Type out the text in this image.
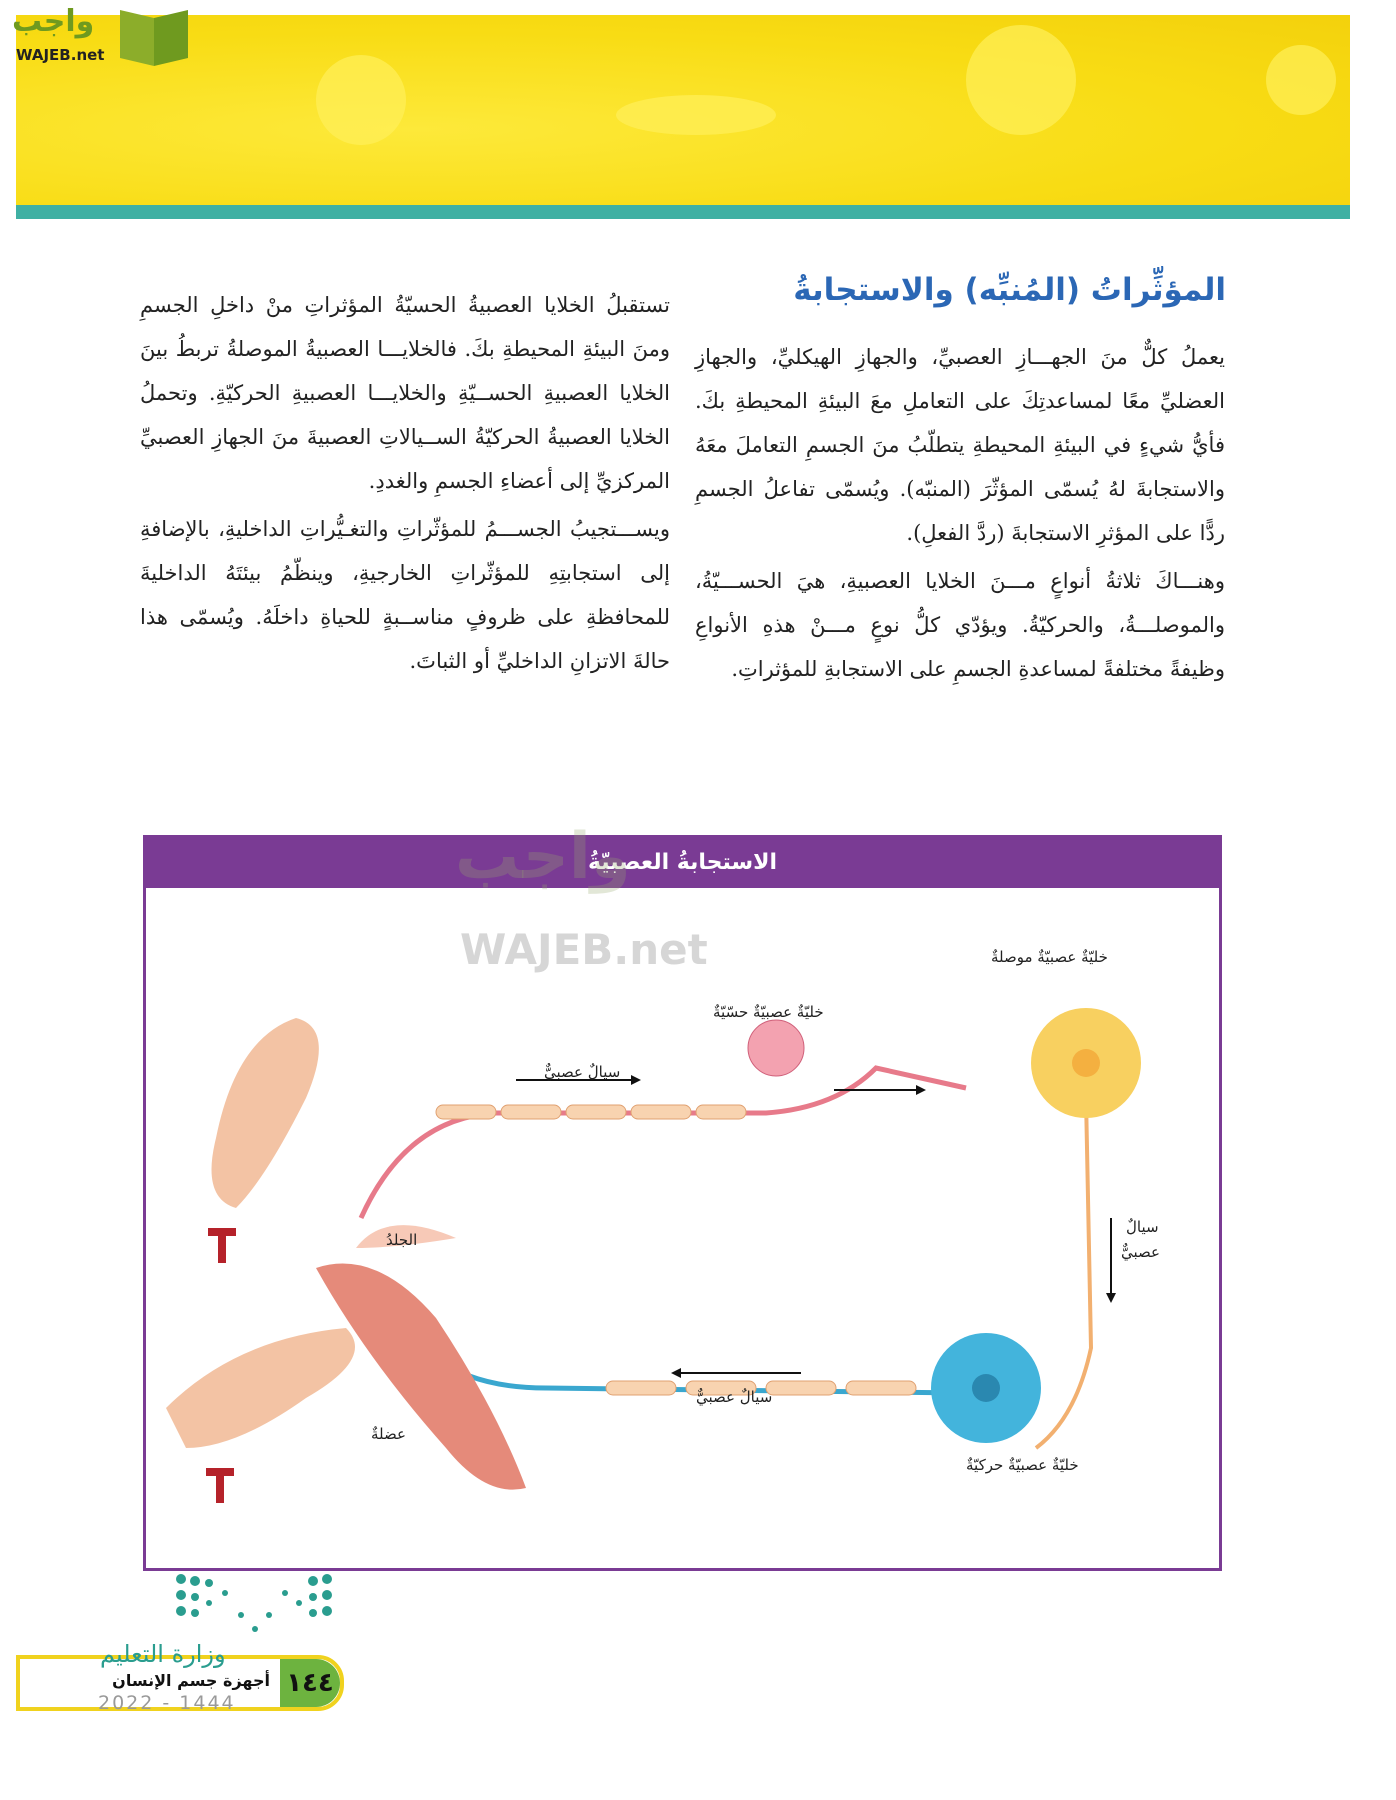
واجب
WAJEB.net
المؤثِّراتُ (المُنبِّه) والاستجابةُ

يعملُ كلٌّ منَ الجهـــازِ العصبيِّ، والجهازِ الهيكليِّ، والجهازِ العضليِّ معًا لمساعدتِكَ على التعاملِ معَ البيئةِ المحيطةِ بكَ. فأيُّ شيءٍ في البيئةِ المحيطةِ يتطلّبُ منَ الجسمِ التعاملَ معَهُ والاستجابةَ لهُ يُسمّى المؤثّرَ (المنبّه). ويُسمّى تفاعلُ الجسمِ ردًّا على المؤثرِ الاستجابةَ (ردَّ الفعلِ).

وهنـــاكَ ثلاثةُ أنواعٍ مـــنَ الخلايا العصبيةِ، هيَ الحســـيّةُ، والموصلـــةُ، والحركيّةُ. ويؤدّي كلُّ نوعٍ مـــنْ هذهِ الأنواعِ وظيفةً مختلفةً لمساعدةِ الجسمِ على الاستجابةِ للمؤثراتِ.

تستقبلُ الخلايا العصبيةُ الحسيّةُ المؤثراتِ منْ داخلِ الجسمِ ومنَ البيئةِ المحيطةِ بكَ. فالخلايـــا العصبيةُ الموصلةُ تربطُ بينَ الخلايا العصبيةِ الحســيّةِ والخلايـــا العصبيةِ الحركيّةِ. وتحملُ الخلايا العصبيةُ الحركيّةُ الســيالاتِ العصبيةَ منَ الجهازِ العصبيِّ المركزيِّ إلى أعضاءِ الجسمِ والغددِ.

ويســـتجيبُ الجســـمُ للمؤثّراتِ والتغـيُّراتِ الداخليةِ، بالإضافةِ إلى استجابتِهِ للمؤثّراتِ الخارجيةِ، وينظّمُ بيئتَهُ الداخليةَ للمحافظةِ على ظروفٍ مناســبةٍ للحياةِ داخلَهُ. ويُسمّى هذا حالةَ الاتزانِ الداخليِّ أو الثباتَ.

الاستجابةُ العصبيّةُ
خليّةٌ عصبيّةٌ موصلةٌ
خليّةٌ عصبيّةٌ حسّيّةٌ
سيالٌ عصبيٌّ
الجلدُ
سيالٌ
عصبيٌّ
عضلةٌ
سيالٌ عصبيٌّ
خليّةٌ عصبيّةٌ حركيّةٌ
واجب
WAJEB.net
أجهزة جسم الإنسان ١٤٤
وزارة التعليم
2022 - 1444
